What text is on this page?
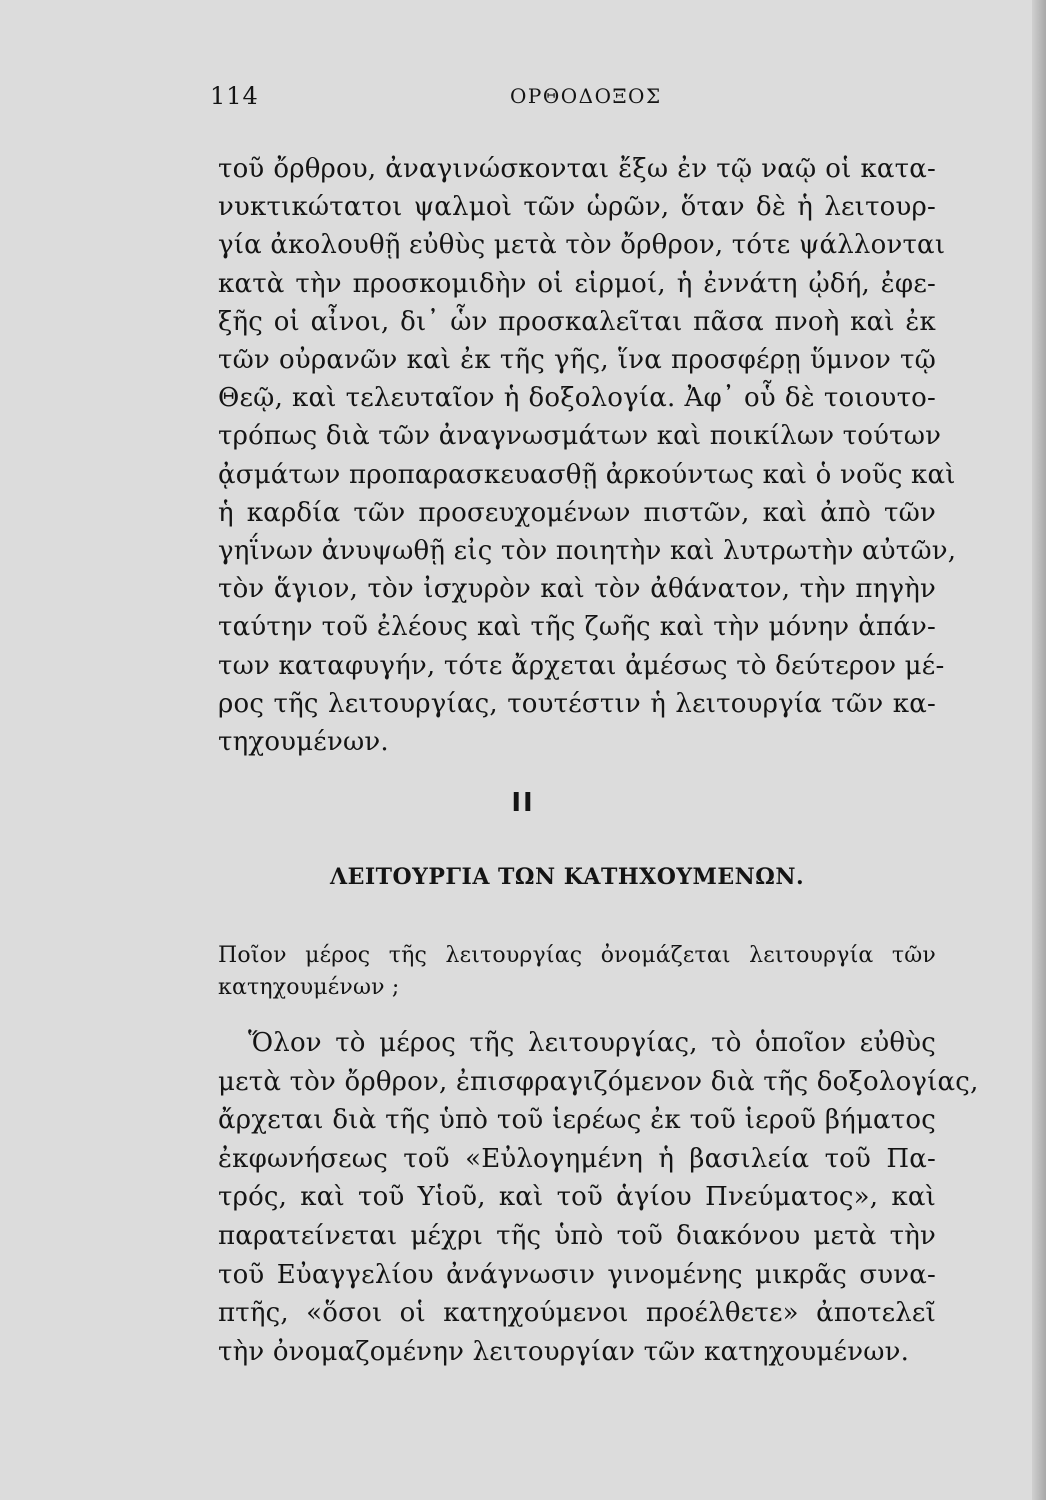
114	ΟΡΘΟΔΟΞΟΣ
τοῦ ὄρθρου, ἀναγινώσκονται ἔξω ἐν τῷ ναῷ οἱ κατα-
νυκτικώτατοι ψαλμοὶ τῶν ὡρῶν, ὅταν δὲ ἡ λειτουρ-
γία ἀκολουθῇ εὐθὺς μετὰ τὸν ὄρθρον, τότε ψάλλονται
κατὰ τὴν προσκομιδὴν οἱ εἱρμοί, ἡ ἐννάτη ᾠδή, ἐφε-
ξῆς οἱ αἶνοι, δι᾽ ὧν προσκαλεῖται πᾶσα πνοὴ καὶ ἐκ
τῶν οὐρανῶν καὶ ἐκ τῆς γῆς, ἵνα προσφέρῃ ὕμνον τῷ
Θεῷ, καὶ τελευταῖον ἡ δοξολογία. Ἀφ᾽ οὗ δὲ τοιουτο-
τρόπως διὰ τῶν ἀναγνωσμάτων καὶ ποικίλων τούτων
ᾀσμάτων προπαρασκευασθῇ ἀρκούντως καὶ ὁ νοῦς καὶ
ἡ καρδία τῶν προσευχομένων πιστῶν, καὶ ἀπὸ τῶν
γηΐνων ἀνυψωθῇ εἰς τὸν ποιητὴν καὶ λυτρωτὴν αὐτῶν,
τὸν ἅγιον, τὸν ἰσχυρὸν καὶ τὸν ἀθάνατον, τὴν πηγὴν
ταύτην τοῦ ἐλέους καὶ τῆς ζωῆς καὶ τὴν μόνην ἁπάν-
των καταφυγήν, τότε ἄρχεται ἀμέσως τὸ δεύτερον μέ-
ρος τῆς λειτουργίας, τουτέστιν ἡ λειτουργία τῶν κα-
τηχουμένων.
II
ΛΕΙΤΟΥΡΓΙΑ ΤΩΝ ΚΑΤΗΧΟΥΜΕΝΩΝ.
Ποῖον μέρος τῆς λειτουργίας ὀνομάζεται λειτουργία τῶν
κατηχουμένων ;
Ὅλον τὸ μέρος τῆς λειτουργίας, τὸ ὁποῖον εὐθὺς
μετὰ τὸν ὄρθρον, ἐπισφραγιζόμενον διὰ τῆς δοξολογίας,
ἄρχεται διὰ τῆς ὑπὸ τοῦ ἱερέως ἐκ τοῦ ἱεροῦ βήματος
ἐκφωνήσεως τοῦ «Εὐλογημένη ἡ βασιλεία τοῦ Πα-
τρός, καὶ τοῦ Υἱοῦ, καὶ τοῦ ἁγίου Πνεύματος», καὶ
παρατείνεται μέχρι τῆς ὑπὸ τοῦ διακόνου μετὰ τὴν
τοῦ Εὐαγγελίου ἀνάγνωσιν γινομένης μικρᾶς συνα-
πτῆς, «ὅσοι οἱ κατηχούμενοι προέλθετε» ἀποτελεῖ
τὴν ὀνομαζομένην λειτουργίαν τῶν κατηχουμένων.
